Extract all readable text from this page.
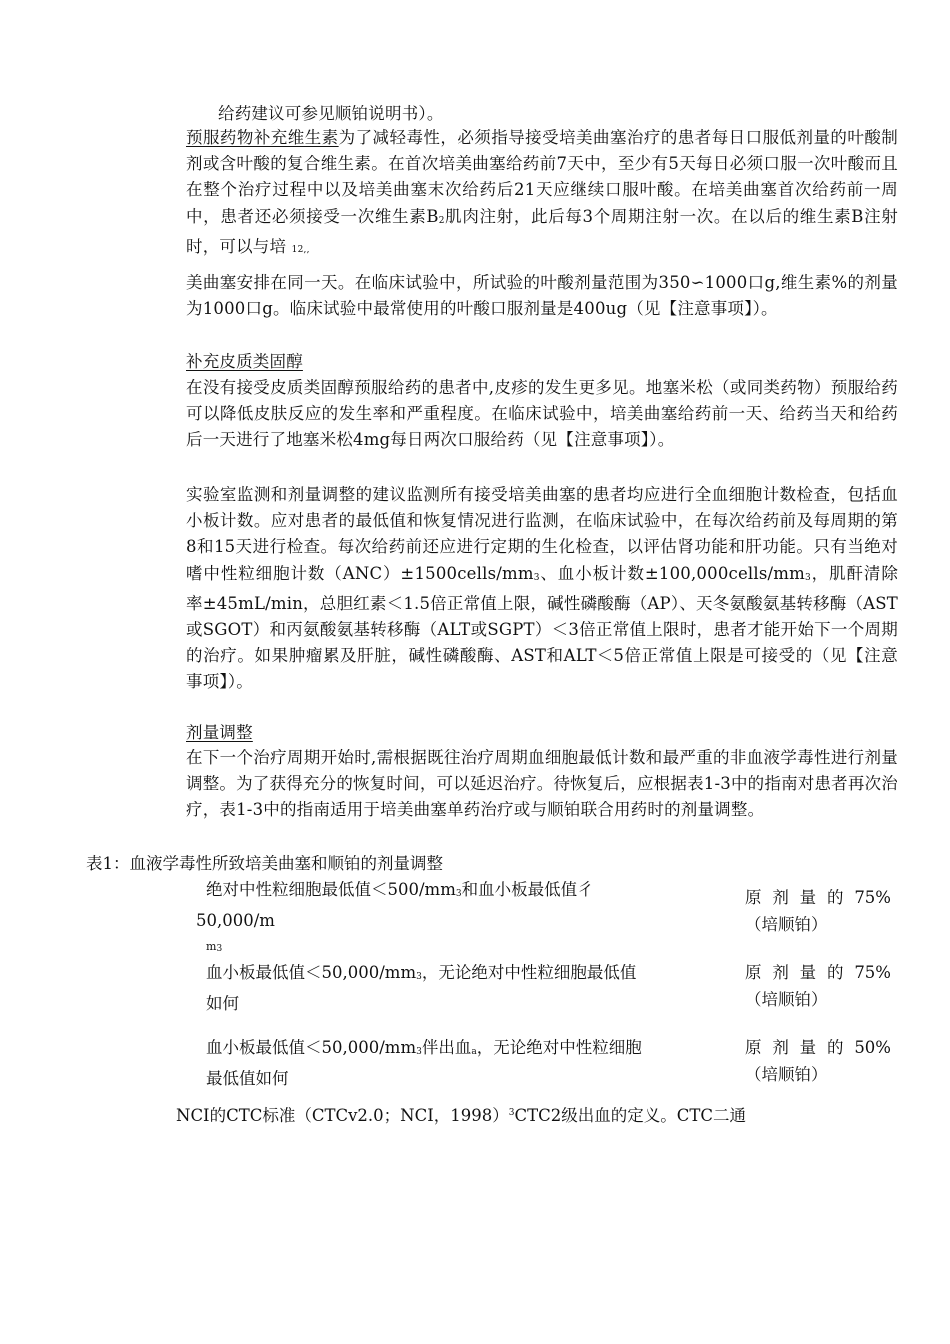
给药建议可参见顺铂说明书）。

预服药物补充维生素为了减轻毒性，必须指导接受培美曲塞治疗的患者每日口服低剂量的叶酸制剂或含叶酸的复合维生素。在首次培美曲塞给药前7天中，至少有5天每日必须口服一次叶酸而且在整个治疗过程中以及培美曲塞末次给药后21天应继续口服叶酸。在培美曲塞首次给药前一周中，患者还必须接受一次维生素B2肌肉注射，此后每3个周期注射一次。在以后的维生素B注射时，可以与培 12,,

美曲塞安排在同一天。在临床试验中，所试验的叶酸剂量范围为350∽1000口g,维生素%的剂量为1000口g。临床试验中最常使用的叶酸口服剂量是400ug（见【注意事项】）。

补充皮质类固醇

在没有接受皮质类固醇预服给药的患者中,皮疹的发生更多见。地塞米松（或同类药物）预服给药可以降低皮肤反应的发生率和严重程度。在临床试验中，培美曲塞给药前一天、给药当天和给药后一天进行了地塞米松4mg每日两次口服给药（见【注意事项】）。

实验室监测和剂量调整的建议监测所有接受培美曲塞的患者均应进行全血细胞计数检查，包括血小板计数。应对患者的最低值和恢复情况进行监测，在临床试验中，在每次给药前及每周期的第8和15天进行检查。每次给药前还应进行定期的生化检查，以评估肾功能和肝功能。只有当绝对嗜中性粒细胞计数（ANC）±1500cells/mm3、血小板计数±100,000cells/mm3，肌酐清除率±45mL/min，总胆红素＜1.5倍正常值上限，碱性磷酸酶（AP）、天冬氨酸氨基转移酶（AST或SGOT）和丙氨酸氨基转移酶（ALT或SGPT）＜3倍正常值上限时，患者才能开始下一个周期的治疗。如果肿瘤累及肝脏，碱性磷酸酶、AST和ALT＜5倍正常值上限是可接受的（见【注意事项】）。

剂量调整

在下一个治疗周期开始时,需根据既往治疗周期血细胞最低计数和最严重的非血液学毒性进行剂量调整。为了获得充分的恢复时间，可以延迟治疗。待恢复后，应根据表1-3中的指南对患者再次治疗，表1-3中的指南适用于培美曲塞单药治疗或与顺铂联合用药时的剂量调整。

表1：血液学毒性所致培美曲塞和顺铂的剂量调整
绝对中性粒细胞最低值＜500/mm3和血小板最低值彳
50,000/m
m3
原剂量的75%
（培顺铂）
血小板最低值＜50,000/mm3，无论绝对中性粒细胞最低值
如何
原剂量的75%
（培顺铂）
血小板最低值＜50,000/mm3伴出血a，无论绝对中性粒细胞
最低值如何
原剂量的50%
（培顺铂）
NCI的CTC标准（CTCv2.0；NCI，1998）$^3$CTC2级出血的定义。CTC二通
